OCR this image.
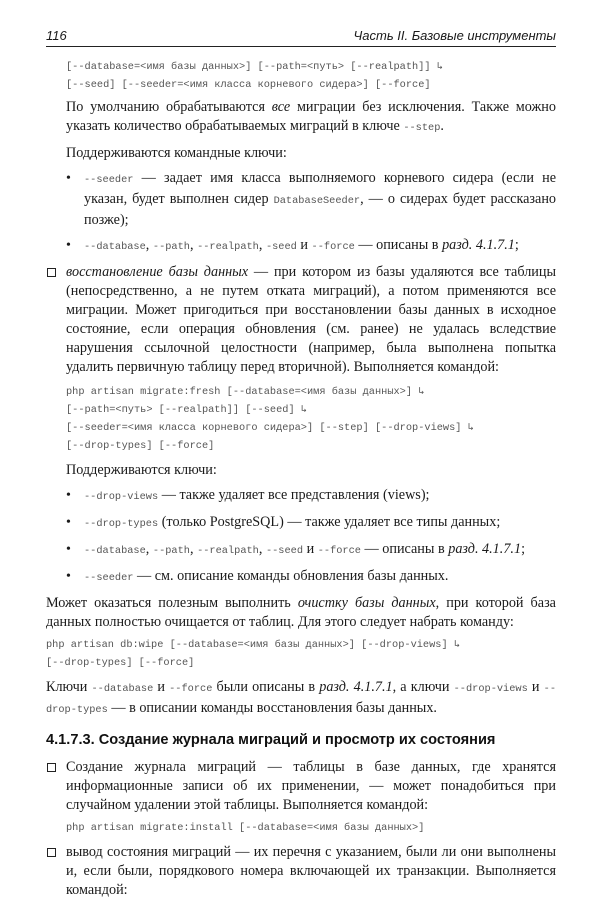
116	Часть II. Базовые инструменты
[--database=<имя базы данных>] [--path=<путь> [--realpath]] ↳
[--seed] [--seeder=<имя класса корневого сидера>] [--force]
По умолчанию обрабатываются все миграции без исключения. Также можно указать количество обрабатываемых миграций в ключе --step.
Поддерживаются командные ключи:
• --seeder — задает имя класса выполняемого корневого сидера (если не указан, будет выполнен сидер DatabaseSeeder, — о сидерах будет рассказано позже);
• --database, --path, --realpath, -seed и --force — описаны в разд. 4.1.7.1;
восстановление базы данных — при котором из базы удаляются все таблицы (непосредственно, а не путем отката миграций), а потом применяются все миграции. Может пригодиться при восстановлении базы данных в исходное состояние, если операция обновления (см. ранее) не удалась вследствие нарушения ссылочной целостности (например, была выполнена попытка удалить первичную таблицу перед вторичной). Выполняется командой:
php artisan migrate:fresh [--database=<имя базы данных>] ↳
[--path=<путь> [--realpath]] [--seed] ↳
[--seeder=<имя класса корневого сидера>] [--step] [--drop-views] ↳
[--drop-types] [--force]
Поддерживаются ключи:
• --drop-views — также удаляет все представления (views);
• --drop-types (только PostgreSQL) — также удаляет все типы данных;
• --database, --path, --realpath, --seed и --force — описаны в разд. 4.1.7.1;
• --seeder — см. описание команды обновления базы данных.
Может оказаться полезным выполнить очистку базы данных, при которой база данных полностью очищается от таблиц. Для этого следует набрать команду:
php artisan db:wipe [--database=<имя базы данных>] [--drop-views] ↳
[--drop-types] [--force]
Ключи --database и --force были описаны в разд. 4.1.7.1, а ключи --drop-views и --drop-types — в описании команды восстановления базы данных.
4.1.7.3. Создание журнала миграций и просмотр их состояния
Создание журнала миграций — таблицы в базе данных, где хранятся информационные записи об их применении, — может понадобиться при случайном удалении этой таблицы. Выполняется командой:
php artisan migrate:install [--database=<имя базы данных>]
вывод состояния миграций — их перечня с указанием, были ли они выполнены и, если были, порядкового номера включающей их транзакции. Выполняется командой:
